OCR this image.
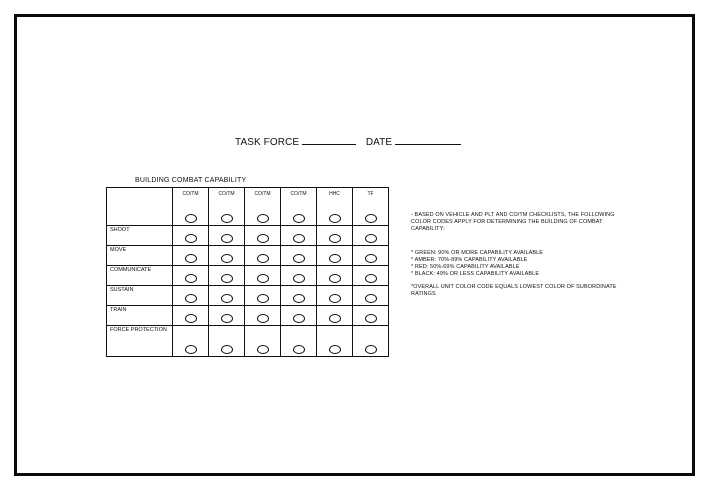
TASK FORCE	DATE
BUILDING COMBAT CAPABILITY
	CO/TM	CO/TM	CO/TM	CO/TM	HHC	TF

SHOOT						

MOVE						

COMMUNICATE						

SUSTAIN						

TRAIN						

FORCE PROTECTION						

- BASED ON VEHICLE AND PLT AND CO/TM CHECKLISTS, THE FOLLOWING COLOR CODES APPLY FOR DETERMINING THE BUILDING OF COMBAT CAPABILITY:

* GREEN: 90% OR MORE CAPABILITY AVAILABLE

* AMBER: 70%-89% CAPABILITY AVAILABLE

* RED: 50%-69% CAPABILITY AVAILABLE

* BLACK: 49% OR LESS CAPABILITY AVAILABLE

*OVERALL UNIT COLOR CODE EQUALS LOWEST COLOR OF SUBORDINATE RATINGS
